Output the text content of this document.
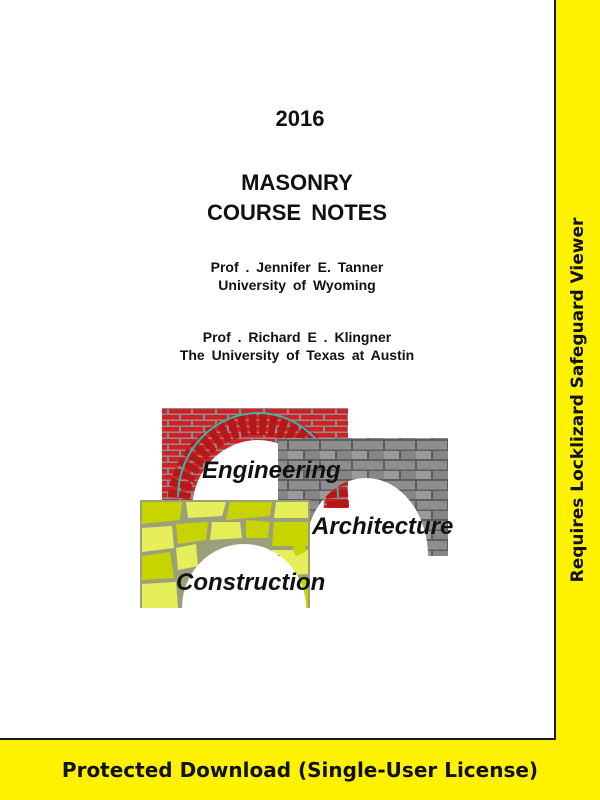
Engineering
Architecture
Construction
Requires Locklizard Safeguard Viewer
Protected Download (Single-User License)
